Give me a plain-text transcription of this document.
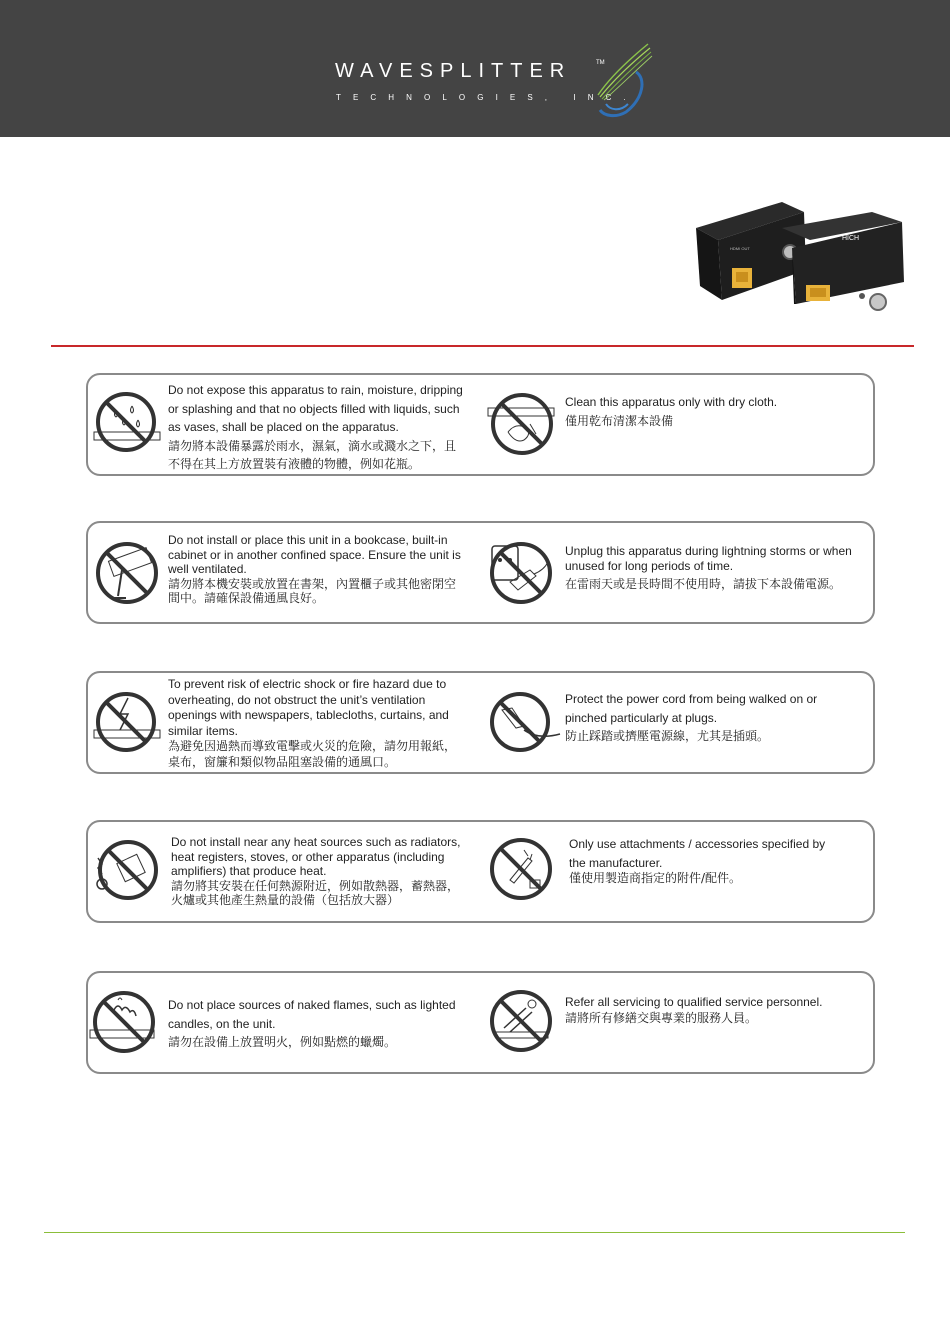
WAVESPLITTER	TM
TECHNOLOGIES, INC.
HICH
HDMI OUT
Do not expose this apparatus to rain, moisture, dripping
or splashing and that no objects filled with liquids, such
as vases, shall be placed on the apparatus.
請勿將本設備暴露於雨水，濕氣，滴水或濺水之下，且
不得在其上方放置裝有液體的物體，例如花瓶。
Clean this apparatus only with dry cloth.
僅用乾布清潔本設備
Do not install or place this unit in a bookcase, built-in
cabinet or in another confined space. Ensure the unit is
well ventilated.
請勿將本機安裝或放置在書架，內置櫃子或其他密閉空
間中。請確保設備通風良好。
Unplug this apparatus during lightning storms or when
unused for long periods of time.
在雷雨天或是長時間不使用時，請拔下本設備電源。
To prevent risk of electric shock or fire hazard due to
overheating, do not obstruct the unit’s ventilation
openings with newspapers, tablecloths, curtains, and
similar items.
為避免因過熱而導致電擊或火災的危險，請勿用報紙，
桌布，窗簾和類似物品阻塞設備的通風口。
Protect the power cord from being walked on or
pinched particularly at plugs.
防止踩踏或擠壓電源線，尤其是插頭。
Do not install near any heat sources such as radiators,
heat registers, stoves, or other apparatus (including
amplifiers) that produce heat.
請勿將其安裝在任何熱源附近，例如散熱器，蓄熱器，
火爐或其他產生熱量的設備（包括放大器）
Only use attachments / accessories specified by
the manufacturer.
僅使用製造商指定的附件/配件。
Do not place sources of naked flames, such as lighted
candles, on the unit.
請勿在設備上放置明火，例如點燃的蠟燭。
Refer all servicing to qualified service personnel.
請將所有修繕交與專業的服務人員。
